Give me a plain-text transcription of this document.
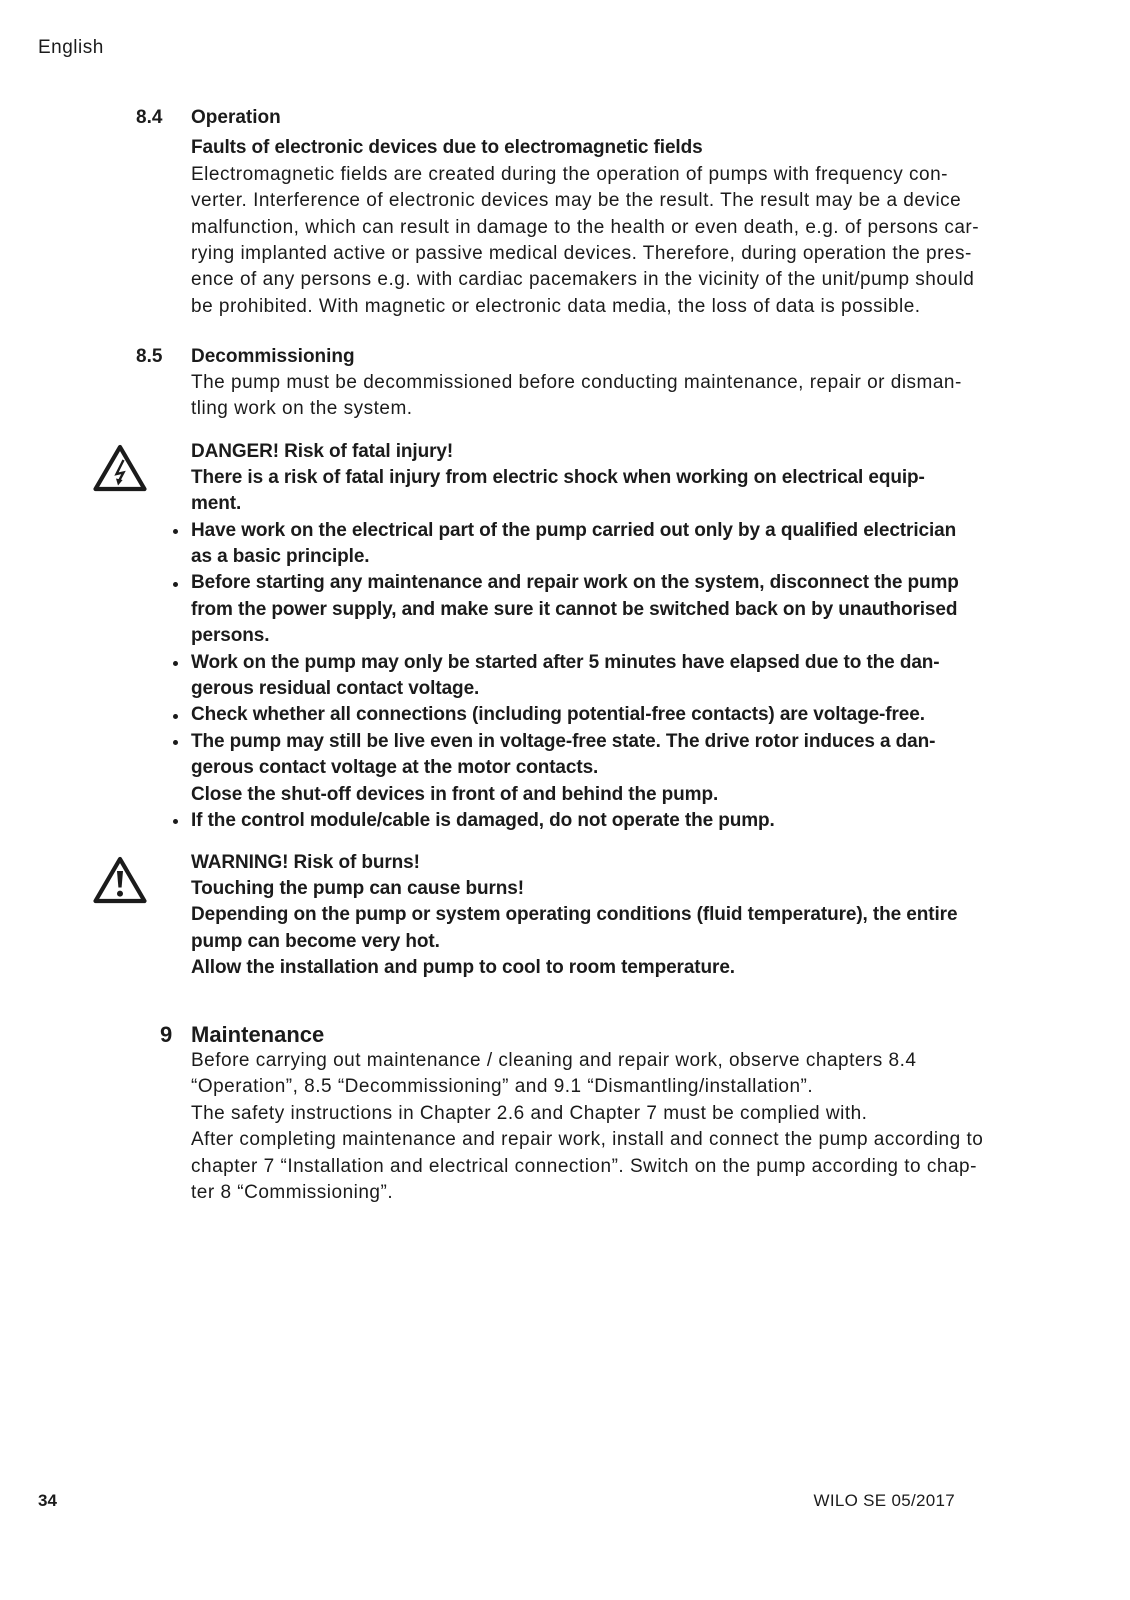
English
8.4 Operation
Faults of electronic devices due to electromagnetic fields
Electromagnetic fields are created during the operation of pumps with frequency con-
verter. Interference of electronic devices may be the result. The result may be a device
malfunction, which can result in damage to the health or even death, e.g. of persons car-
rying implanted active or passive medical devices. Therefore, during operation the pres-
ence of any persons e.g. with cardiac pacemakers in the vicinity of the unit/pump should
be prohibited. With magnetic or electronic data media, the loss of data is possible.
8.5 Decommissioning
The pump must be decommissioned before conducting maintenance, repair or disman-
tling work on the system.
DANGER! Risk of fatal injury!
There is a risk of fatal injury from electric shock when working on electrical equip-
ment.
Have work on the electrical part of the pump carried out only by a qualified electrician
as a basic principle.
Before starting any maintenance and repair work on the system, disconnect the pump
from the power supply, and make sure it cannot be switched back on by unauthorised
persons.
Work on the pump may only be started after 5 minutes have elapsed due to the dan-
gerous residual contact voltage.
Check whether all connections (including potential-free contacts) are voltage-free.
The pump may still be live even in voltage-free state. The drive rotor induces a dan-
gerous contact voltage at the motor contacts.
Close the shut-off devices in front of and behind the pump.
If the control module/cable is damaged, do not operate the pump.
WARNING! Risk of burns!
Touching the pump can cause burns!
Depending on the pump or system operating conditions (fluid temperature), the entire
pump can become very hot.
Allow the installation and pump to cool to room temperature.
9 Maintenance
Before carrying out maintenance / cleaning and repair work, observe chapters 8.4
“Operation”, 8.5 “Decommissioning” and 9.1 “Dismantling/installation”.
The safety instructions in Chapter 2.6 and Chapter 7 must be complied with.
After completing maintenance and repair work, install and connect the pump according to
chapter 7 “Installation and electrical connection”. Switch on the pump according to chap-
ter 8 “Commissioning”.
34	WILO SE 05/2017
